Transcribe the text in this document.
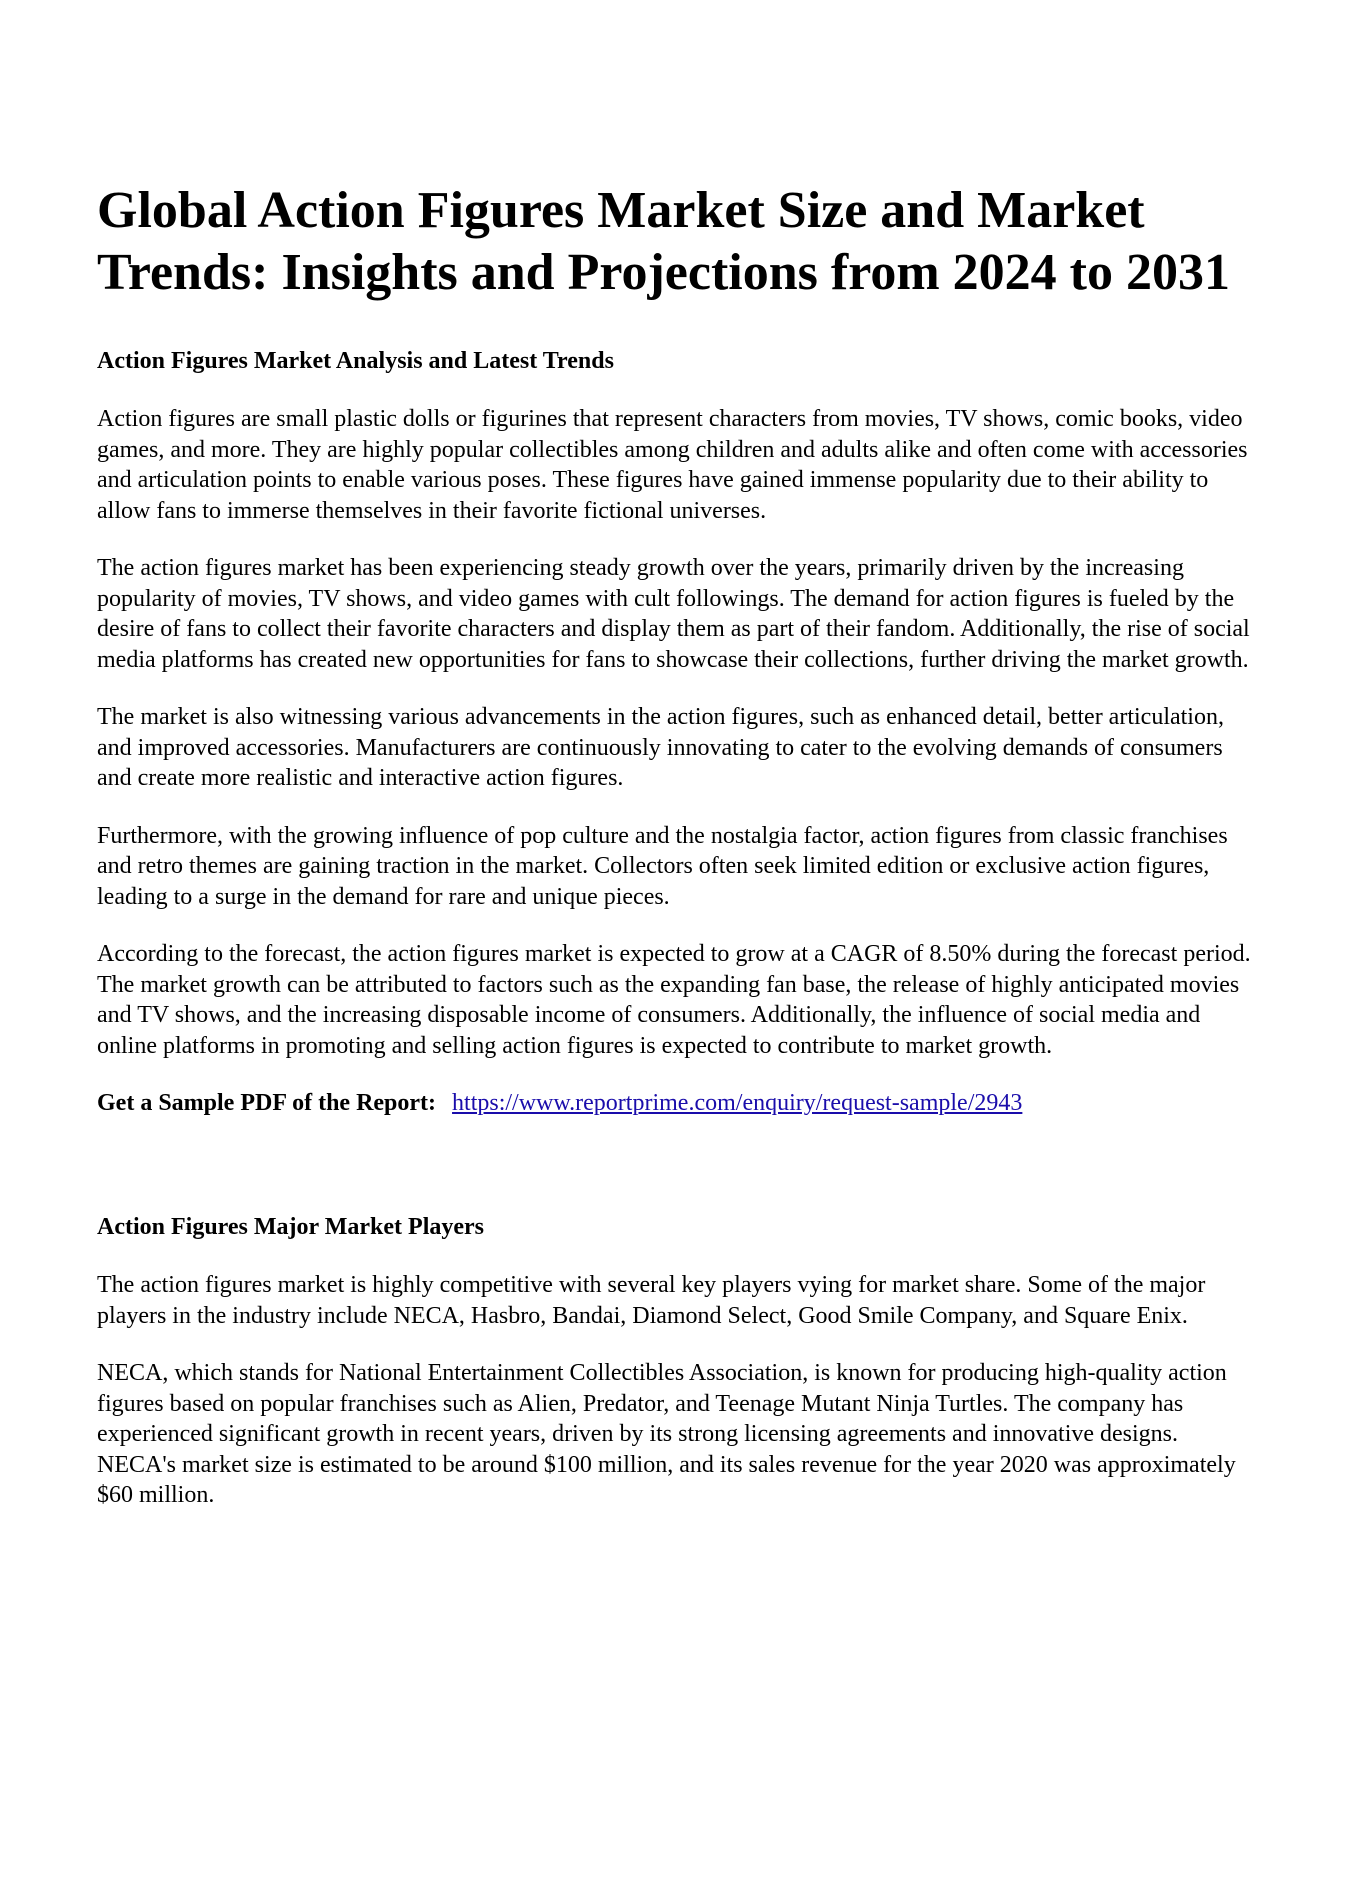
Global Action Figures Market Size and Market Trends: Insights and Projections from 2024 to 2031
Action Figures Market Analysis and Latest Trends

Action figures are small plastic dolls or figurines that represent characters from movies, TV shows, comic books, video games, and more. They are highly popular collectibles among children and adults alike and often come with accessories and articulation points to enable various poses. These figures have gained immense popularity due to their ability to allow fans to immerse themselves in their favorite fictional universes.

The action figures market has been experiencing steady growth over the years, primarily driven by the increasing popularity of movies, TV shows, and video games with cult followings. The demand for action figures is fueled by the desire of fans to collect their favorite characters and display them as part of their fandom. Additionally, the rise of social media platforms has created new opportunities for fans to showcase their collections, further driving the market growth.

The market is also witnessing various advancements in the action figures, such as enhanced detail, better articulation, and improved accessories. Manufacturers are continuously innovating to cater to the evolving demands of consumers and create more realistic and interactive action figures.

Furthermore, with the growing influence of pop culture and the nostalgia factor, action figures from classic franchises and retro themes are gaining traction in the market. Collectors often seek limited edition or exclusive action figures, leading to a surge in the demand for rare and unique pieces.

According to the forecast, the action figures market is expected to grow at a CAGR of 8.50% during the forecast period. The market growth can be attributed to factors such as the expanding fan base, the release of highly anticipated movies and TV shows, and the increasing disposable income of consumers. Additionally, the influence of social media and online platforms in promoting and selling action figures is expected to contribute to market growth.

Get a Sample PDF of the Report: https://www.reportprime.com/enquiry/request-sample/2943
Action Figures Major Market Players

The action figures market is highly competitive with several key players vying for market share. Some of the major players in the industry include NECA, Hasbro, Bandai, Diamond Select, Good Smile Company, and Square Enix.

NECA, which stands for National Entertainment Collectibles Association, is known for producing high-quality action figures based on popular franchises such as Alien, Predator, and Teenage Mutant Ninja Turtles. The company has experienced significant growth in recent years, driven by its strong licensing agreements and innovative designs. NECA's market size is estimated to be around $100 million, and its sales revenue for the year 2020 was approximately $60 million.
